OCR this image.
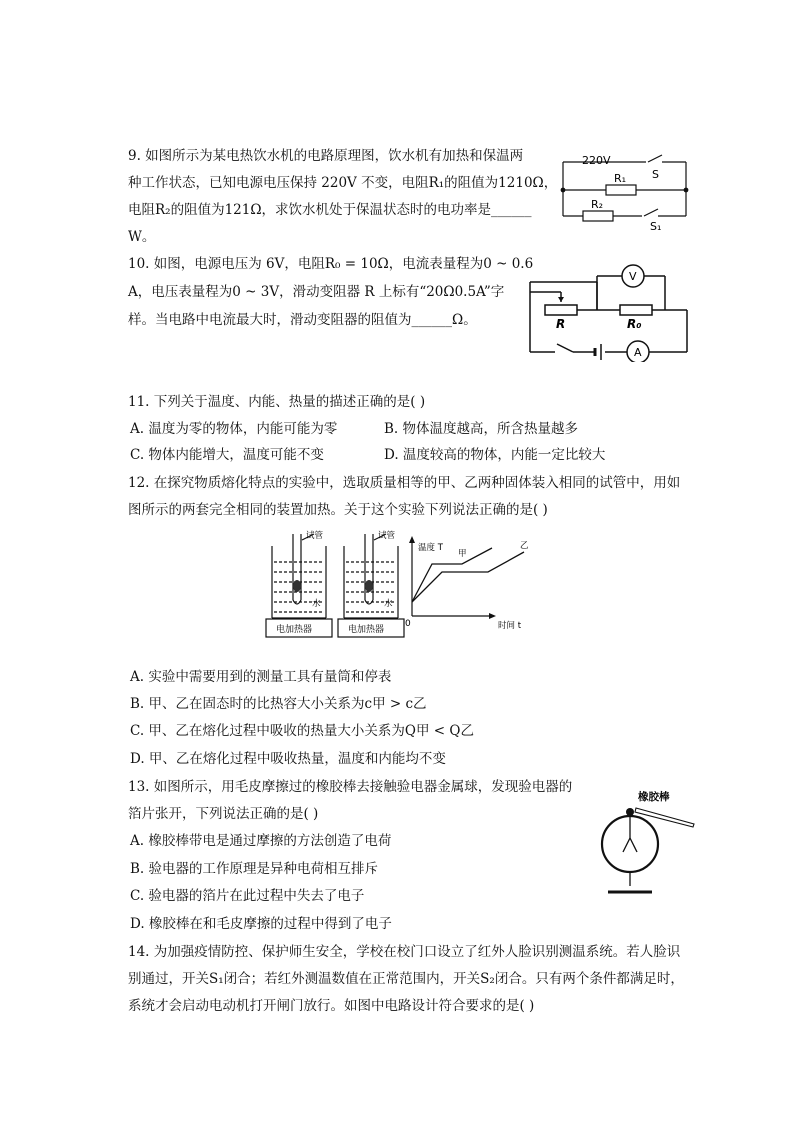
9. 如图所示为某电热饮水机的电路原理图，饮水机有加热和保温两
种工作状态，已知电源电压保持 220V 不变，电阻R₁的阻值为1210Ω，
电阻R₂的阻值为121Ω，求饮水机处于保温状态时的电功率是______
W。
220V
R₁
R₂
S
S₁
10. 如图，电源电压为 6V，电阻R₀ = 10Ω，电流表量程为0 ~ 0.6
A，电压表量程为0 ~ 3V，滑动变阻器 R 上标有“20Ω0.5A”字
样。当电路中电流最大时，滑动变阻器的阻值为______Ω。
V
A
R	R₀
11. 下列关于温度、内能、热量的描述正确的是( )
A. 温度为零的物体，内能可能为零	B. 物体温度越高，所含热量越多
C. 物体内能增大，温度可能不变	D. 温度较高的物体，内能一定比较大
12. 在探究物质熔化特点的实验中，选取质量相等的甲、乙两种固体装入相同的试管中，用如
图所示的两套完全相同的装置加热。关于这个实验下列说法正确的是( )
试管	试管
水	水
电加热器	电加热器
温度 T
时间 t
0
甲
乙
A. 实验中需要用到的测量工具有量筒和停表
B. 甲、乙在固态时的比热容大小关系为c甲 > c乙
C. 甲、乙在熔化过程中吸收的热量大小关系为Q甲 < Q乙
D. 甲、乙在熔化过程中吸收热量，温度和内能均不变
13. 如图所示，用毛皮摩擦过的橡胶棒去接触验电器金属球，发现验电器的
箔片张开，下列说法正确的是( )
A. 橡胶棒带电是通过摩擦的方法创造了电荷
B. 验电器的工作原理是异种电荷相互排斥
C. 验电器的箔片在此过程中失去了电子
D. 橡胶棒在和毛皮摩擦的过程中得到了电子
橡胶棒
14. 为加强疫情防控、保护师生安全，学校在校门口设立了红外人脸识别测温系统。若人脸识
别通过，开关S₁闭合；若红外测温数值在正常范围内，开关S₂闭合。只有两个条件都满足时，
系统才会启动电动机打开闸门放行。如图中电路设计符合要求的是( )
